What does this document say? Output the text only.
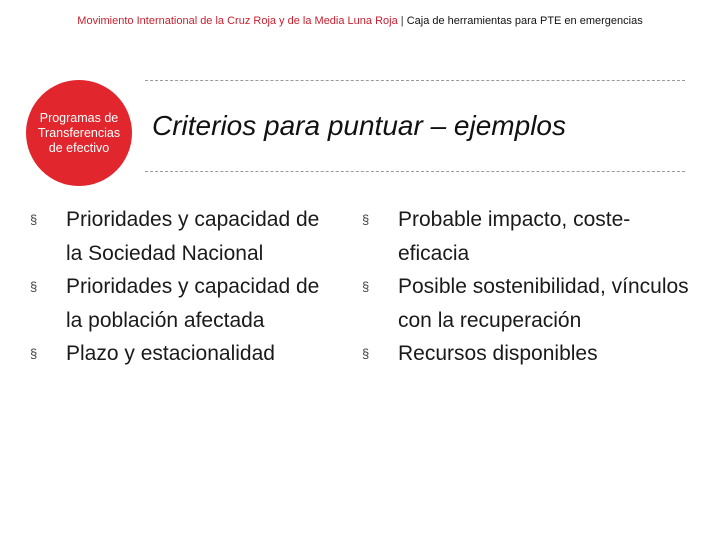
Movimiento International de la Cruz Roja y de la Media Luna Roja | Caja de herramientas para PTE en emergencias
Programas de
Transferencias
de efectivo
Criterios para puntuar – ejemplos
§	Prioridades y capacidad de la Sociedad Nacional
§	Prioridades y capacidad de la población afectada
§	Plazo y estacionalidad
§	Probable impacto, coste-eficacia
§	Posible sostenibilidad, vínculos con la recuperación
§	Recursos disponibles
